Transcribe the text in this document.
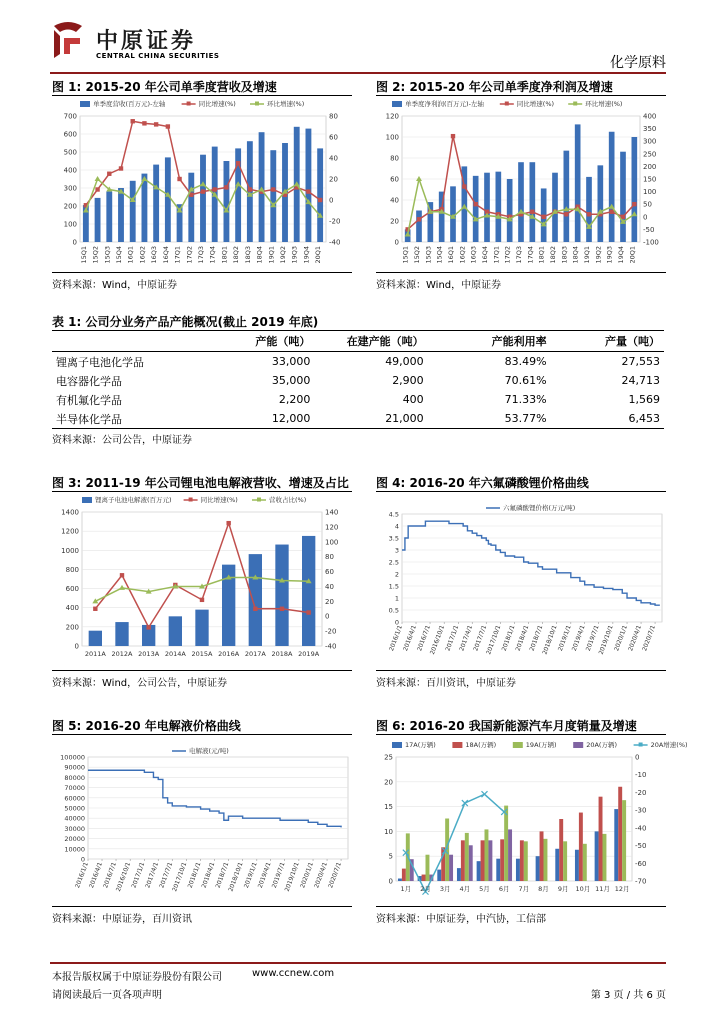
中原证券
CENTRAL CHINA SECURITIES	化学原料
图 1: 2015-20 年公司单季度营收及增速
0
100
200
300
400
500
600
700
-40
-20
0
20
40
60
80
15Q1 15Q2 15Q3 15Q4 16Q1 16Q2 16Q3 16Q4 17Q1 17Q2 17Q3 17Q4 18Q1 18Q2 18Q3 18Q4 19Q1 19Q2 19Q3 19Q4 20Q1
单季度营收(百万元)-左轴	同比增速(%)	环比增速(%)
资料来源：Wind，中原证券
图 2: 2015-20 年公司单季度净利润及增速
0
20
40
60
80
100
120
-100
-50
0
50
100
150
200
250
300
350
400
15Q1 15Q2 15Q3 15Q4 16Q1 16Q2 16Q3 16Q4 17Q1 17Q2 17Q3 17Q4 18Q1 18Q2 18Q3 18Q4 19Q1 19Q2 19Q3 19Q4 20Q1
单季度净利润(百万元)-左轴	同比增速(%)	环比增速(%)
资料来源：Wind，中原证券
表 1: 公司分业务产品产能概况(截止 2019 年底)
	产能（吨）	在建产能（吨）	产能利用率	产量（吨）
锂离子电池化学品	33,000	49,000	83.49%	27,553
电容器化学品	35,000	2,900	70.61%	24,713
有机氟化学品	2,200	400	71.33%	1,569
半导体化学品	12,000	21,000	53.77%	6,453
资料来源：公司公告，中原证券
图 3: 2011-19 年公司锂电池电解液营收、增速及占比
0
200
400
600
800
1000
1200
1400
-40
-20
0
20
40
60
80
100
120
140
2011A 2012A 2013A 2014A 2015A 2016A 2017A 2018A 2019A
锂离子电池电解液(百万元)	同比增速(%)	营收占比(%)
资料来源：Wind，公司公告，中原证券
图 4: 2016-20 年六氟磷酸锂价格曲线
0
0.5
1
1.5
2
2.5
3
3.5
4
4.5
2016/1/1
2016/4/1
2016/7/1
2016/10/1
2017/1/1
2017/4/1
2017/7/1
2017/10/1
2018/1/1
2018/4/1
2018/7/1
2018/10/1
2019/1/1
2019/4/1
2019/7/1
2019/10/1
2020/1/1
2020/4/1
2020/7/1
六氟磷酸锂价格(万元/吨)
资料来源：百川资讯，中原证券
图 5: 2016-20 年电解液价格曲线
0
10000
20000
30000
40000
50000
60000
70000
80000
90000
100000
2016/1/1
2016/4/1
2016/7/1
2016/10/1
2017/1/1
2017/4/1
2017/7/1
2017/10/1
2018/1/1
2018/4/1
2018/7/1
2018/10/1
2019/1/1
2019/4/1
2019/7/1
2019/10/1
2020/1/1
2020/4/1
2020/7/1
电解液(元/吨)
资料来源：中原证券，百川资讯
图 6: 2016-20 我国新能源汽车月度销量及增速
0
5
10
15
20
25
-70
-60
-50
-40
-30
-20
-10
0
1月 2月 3月 4月 5月 6月 7月 8月 9月 10月 11月 12月
17A(万辆)	18A(万辆)	19A(万辆)	20A(万辆)	20A增速(%)
资料来源：中原证券，中汽协，工信部
本报告版权属于中原证券股份有限公司	www.ccnew.com
请阅读最后一页各项声明	第 3 页 / 共 6 页
